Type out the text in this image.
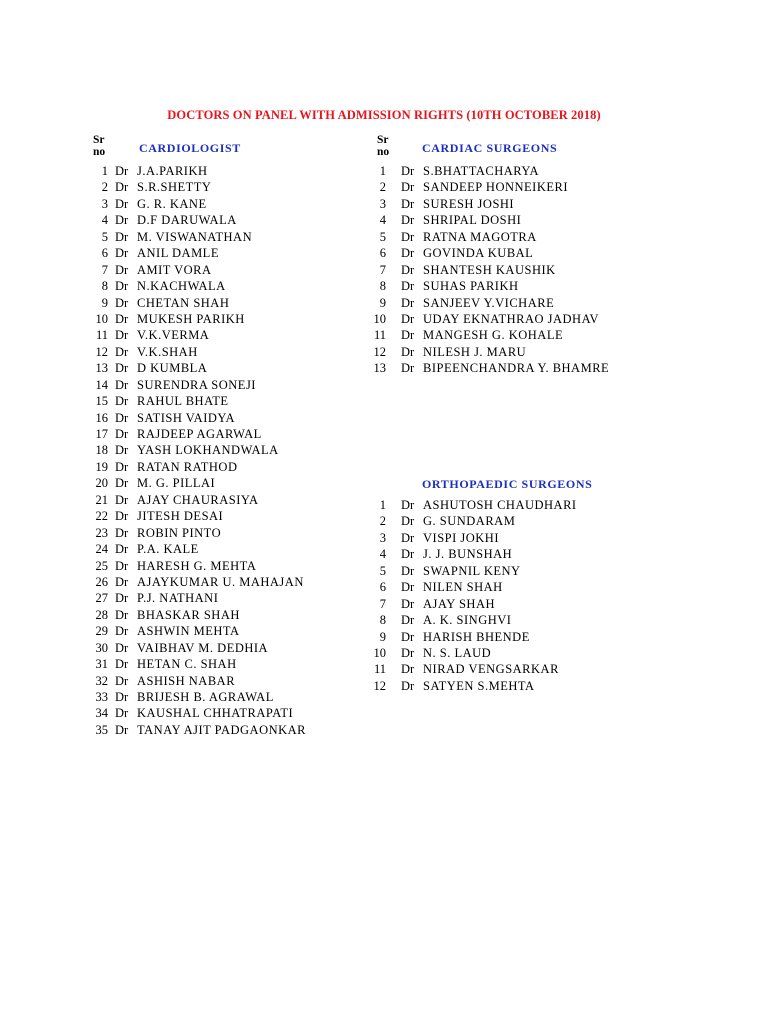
DOCTORS ON PANEL WITH ADMISSION RIGHTS (10TH OCTOBER 2018)
Sr
no	CARDIOLOGIST
1 Dr J.A.PARIKH
2 Dr S.R.SHETTY
3 Dr G. R. KANE
4 Dr D.F DARUWALA
5 Dr M. VISWANATHAN
6 Dr ANIL DAMLE
7 Dr AMIT VORA
8 Dr N.KACHWALA
9 Dr CHETAN SHAH
10 Dr MUKESH PARIKH
11 Dr V.K.VERMA
12 Dr V.K.SHAH
13 Dr D KUMBLA
14 Dr SURENDRA SONEJI
15 Dr RAHUL BHATE
16 Dr SATISH VAIDYA
17 Dr RAJDEEP AGARWAL
18 Dr YASH LOKHANDWALA
19 Dr RATAN RATHOD
20 Dr M. G. PILLAI
21 Dr AJAY CHAURASIYA
22 Dr JITESH DESAI
23 Dr ROBIN PINTO
24 Dr P.A. KALE
25 Dr HARESH G. MEHTA
26 Dr AJAYKUMAR U. MAHAJAN
27 Dr P.J. NATHANI
28 Dr BHASKAR SHAH
29 Dr ASHWIN MEHTA
30 Dr VAIBHAV M. DEDHIA
31 Dr HETAN C. SHAH
32 Dr ASHISH NABAR
33 Dr BRIJESH B. AGRAWAL
34 Dr KAUSHAL CHHATRAPATI
35 Dr TANAY AJIT PADGAONKAR
Sr
no	CARDIAC SURGEONS
1 Dr S.BHATTACHARYA
2 Dr SANDEEP HONNEIKERI
3 Dr SURESH JOSHI
4 Dr SHRIPAL DOSHI
5 Dr RATNA MAGOTRA
6 Dr GOVINDA KUBAL
7 Dr SHANTESH KAUSHIK
8 Dr SUHAS PARIKH
9 Dr SANJEEV Y.VICHARE
10 Dr UDAY EKNATHRAO JADHAV
11 Dr MANGESH G. KOHALE
12 Dr NILESH J. MARU
13 Dr BIPEENCHANDRA Y. BHAMRE
ORTHOPAEDIC SURGEONS
1 Dr ASHUTOSH CHAUDHARI
2 Dr G. SUNDARAM
3 Dr VISPI JOKHI
4 Dr J. J. BUNSHAH
5 Dr SWAPNIL KENY
6 Dr NILEN SHAH
7 Dr AJAY SHAH
8 Dr A. K. SINGHVI
9 Dr HARISH BHENDE
10 Dr N. S. LAUD
11 Dr NIRAD VENGSARKAR
12 Dr SATYEN S.MEHTA
